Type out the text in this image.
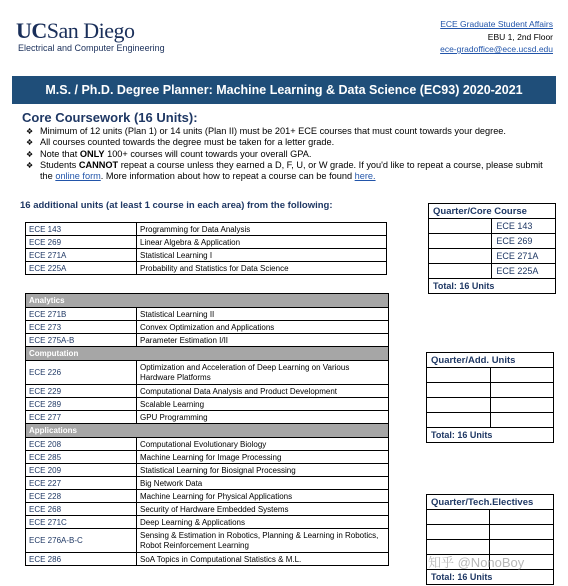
UCSan Diego
Electrical and Computer Engineering
ECE Graduate Student Affairs
EBU 1, 2nd Floor
ece-gradoffice@ece.ucsd.edu
M.S. / Ph.D. Degree Planner: Machine Learning & Data Science (EC93) 2020-2021
Core Coursework (16 Units):
❖ Minimum of 12 units (Plan 1) or 14 units (Plan II) must be 201+ ECE courses that must count towards your degree.
❖ All courses counted towards the degree must be taken for a letter grade.
❖ Note that ONLY 100+ courses will count towards your overall GPA.
❖ Students CANNOT repeat a course unless they earned a D, F, U, or W grade. If you'd like to repeat a course, please submit the online form. More information about how to repeat a course can be found here.
16 additional units (at least 1 course in each area) from the following:
ECE 143	Programming for Data Analysis
ECE 269	Linear Algebra & Application
ECE 271A	Statistical Learning I
ECE 225A	Probability and Statistics for Data Science
Analytics	
ECE 271B	Statistical Learning II
ECE 273	Convex Optimization and Applications
ECE 275A-B	Parameter Estimation I/II
Computation	
ECE 226	Optimization and Acceleration of Deep Learning on Various Hardware Platforms
ECE 229	Computational Data Analysis and Product Development
ECE 289	Scalable Learning
ECE 277	GPU Programming
Applications	
ECE 208	Computational Evolutionary Biology
ECE 285	Machine Learning for Image Processing
ECE 209	Statistical Learning for Biosignal Processing
ECE 227	Big Network Data
ECE 228	Machine Learning for Physical Applications
ECE 268	Security of Hardware Embedded Systems
ECE 271C	Deep Learning & Applications
ECE 276A-B-C	Sensing & Estimation in Robotics, Planning & Learning in Robotics, Robot Reinforcement Learning
ECE 286	SoA Topics in Computational Statistics & M.L.
Quarter/Core Course	
	ECE 143
	ECE 269
	ECE 271A
	ECE 225A
Total: 16 Units	
Quarter/Add. Units	

Total: 16 Units	
Quarter/Tech.Electives	

Total: 16 Units	
知乎 @NonoBoy
